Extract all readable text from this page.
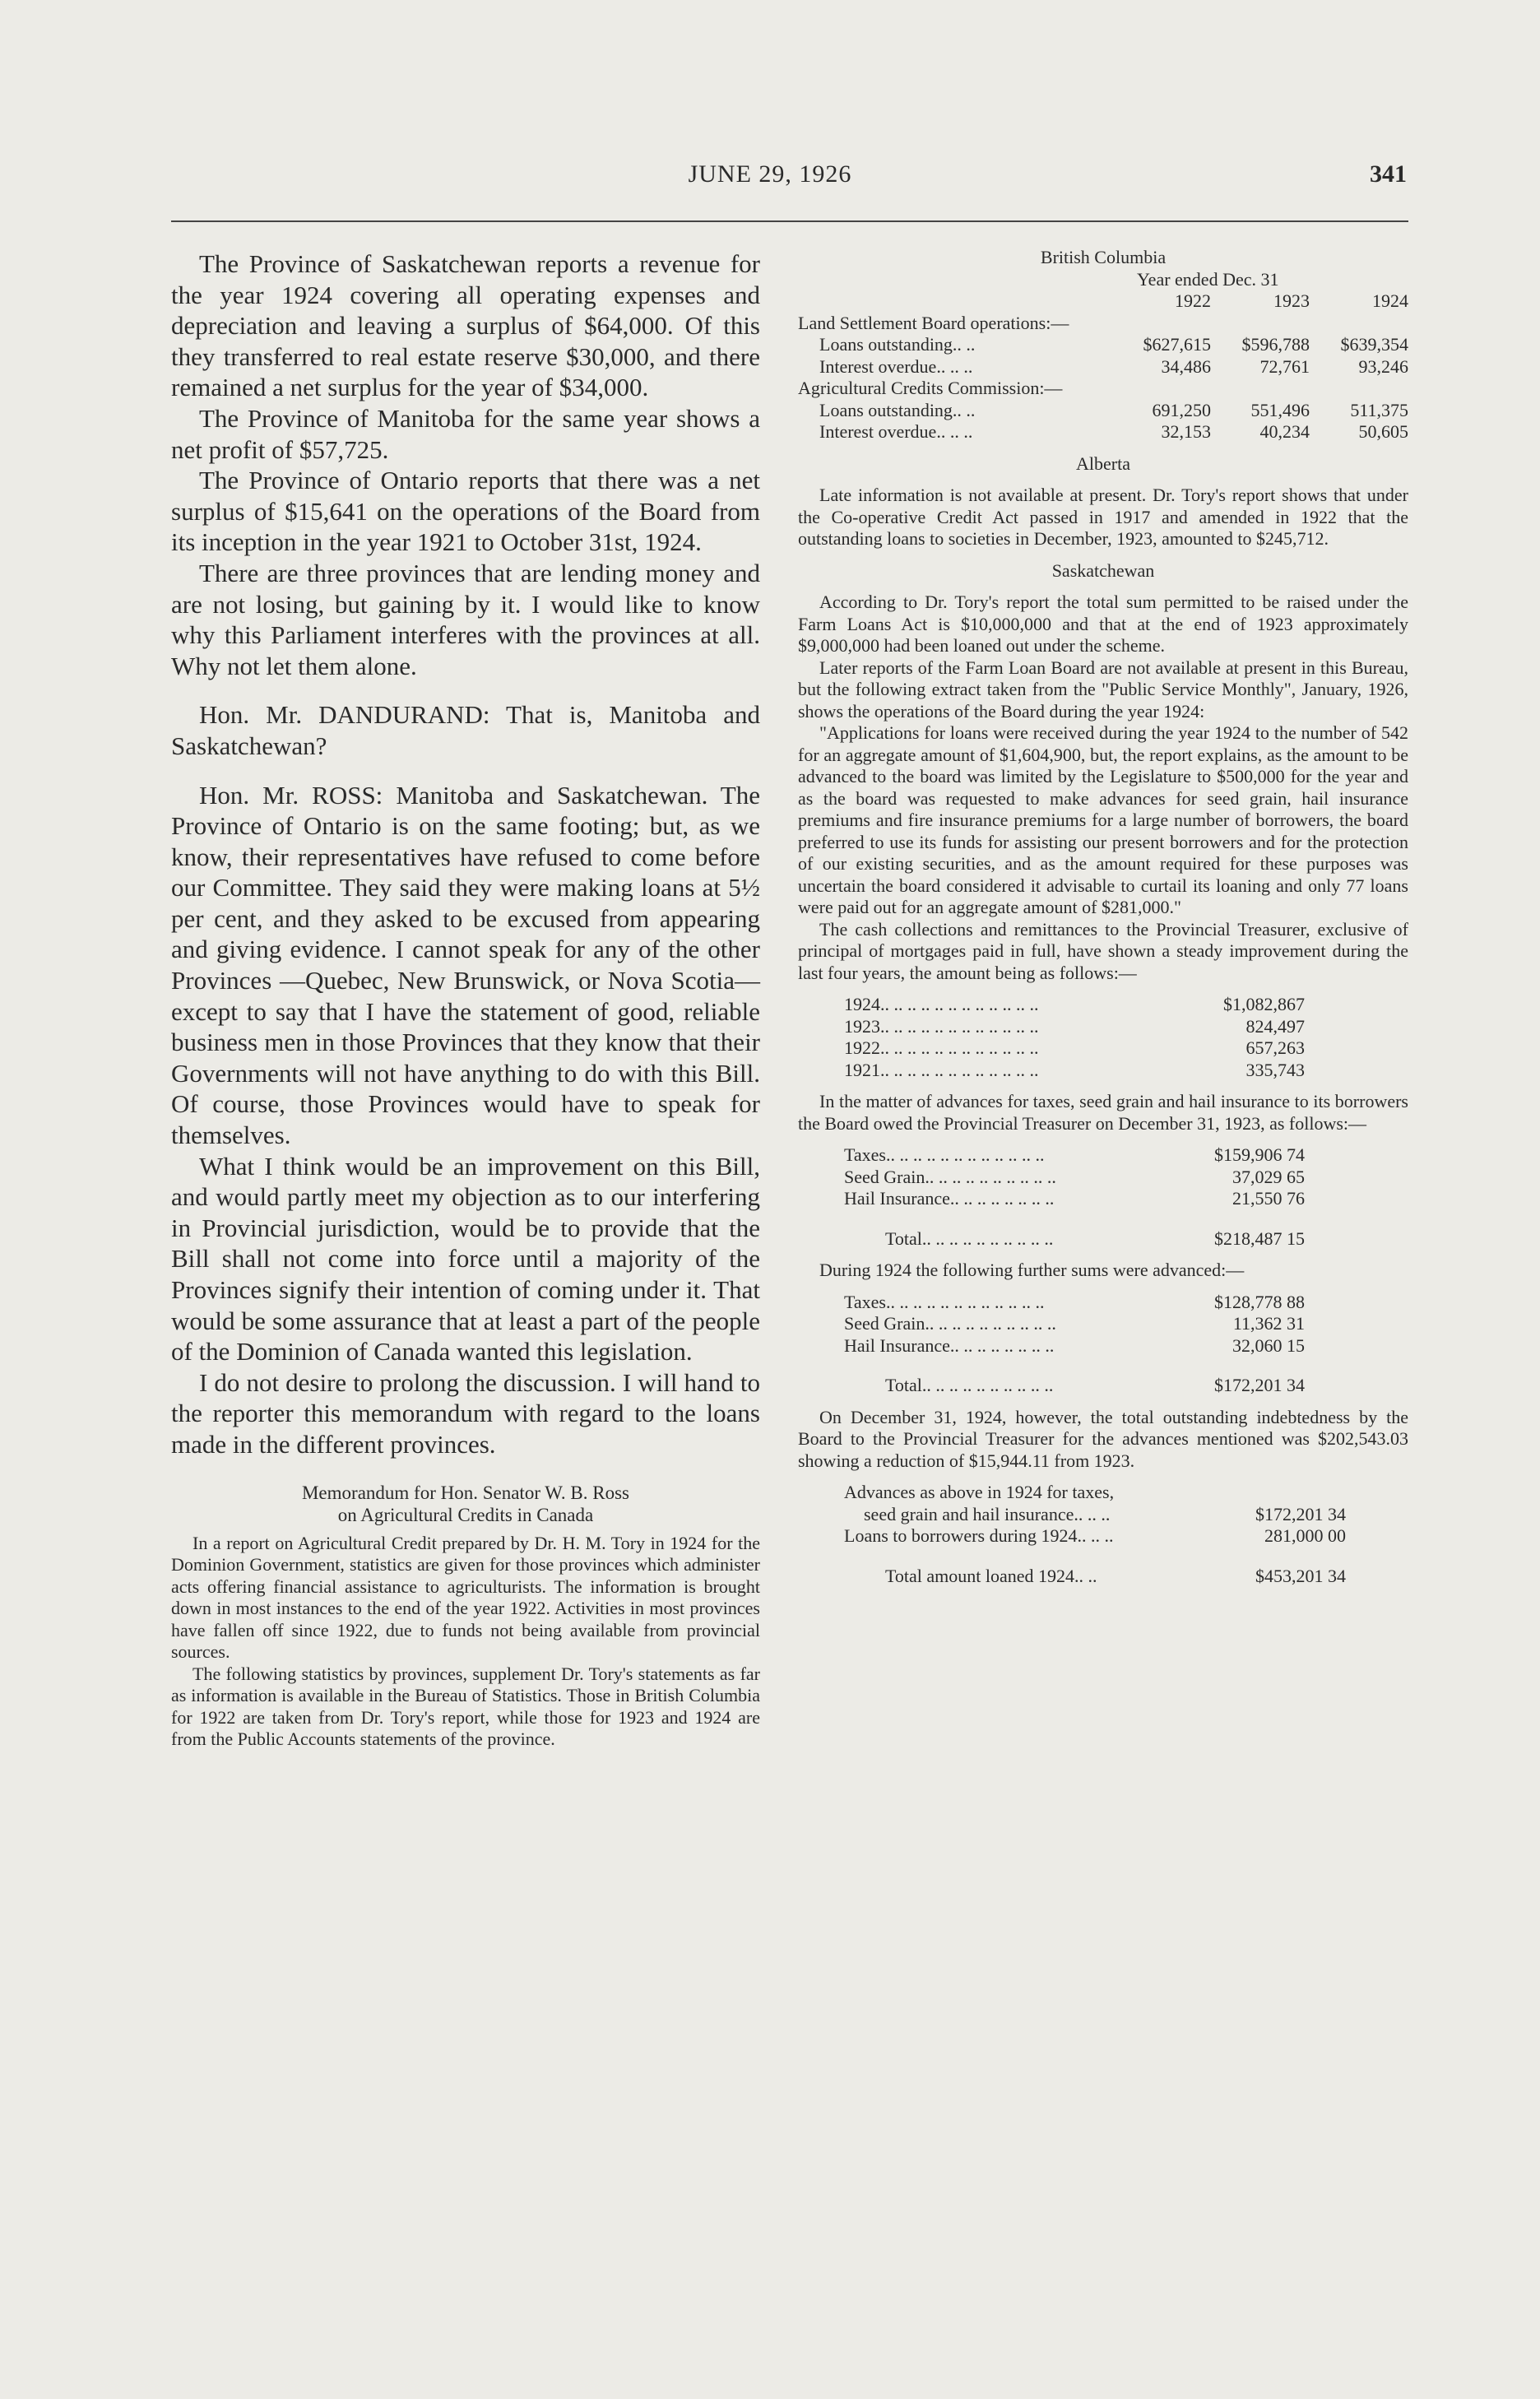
JUNE 29, 1926	341

The Province of Saskatchewan reports a revenue for the year 1924 covering all operating expenses and depreciation and leaving a surplus of $64,000. Of this they transferred to real estate reserve $30,000, and there remained a net surplus for the year of $34,000.

The Province of Manitoba for the same year shows a net profit of $57,725.

The Province of Ontario reports that there was a net surplus of $15,641 on the operations of the Board from its inception in the year 1921 to October 31st, 1924.

There are three provinces that are lending money and are not losing, but gaining by it. I would like to know why this Parliament interferes with the provinces at all. Why not let them alone.

Hon. Mr. DANDURAND: That is, Manitoba and Saskatchewan?

Hon. Mr. ROSS: Manitoba and Saskatchewan. The Province of Ontario is on the same footing; but, as we know, their representatives have refused to come before our Committee. They said they were making loans at 5½ per cent, and they asked to be excused from appearing and giving evidence. I cannot speak for any of the other Provinces —Quebec, New Brunswick, or Nova Scotia— except to say that I have the statement of good, reliable business men in those Provinces that they know that their Governments will not have anything to do with this Bill. Of course, those Provinces would have to speak for themselves.

What I think would be an improvement on this Bill, and would partly meet my objection as to our interfering in Provincial jurisdiction, would be to provide that the Bill shall not come into force until a majority of the Provinces signify their intention of coming under it. That would be some assurance that at least a part of the people of the Dominion of Canada wanted this legislation.

I do not desire to prolong the discussion. I will hand to the reporter this memorandum with regard to the loans made in the different provinces.

Memorandum for Hon. Senator W. B. Ross
on Agricultural Credits in Canada

In a report on Agricultural Credit prepared by Dr. H. M. Tory in 1924 for the Dominion Government, statistics are given for those provinces which administer acts offering financial assistance to agriculturists. The information is brought down in most instances to the end of the year 1922. Activities in most provinces have fallen off since 1922, due to funds not being available from provincial sources.

The following statistics by provinces, supplement Dr. Tory's statements as far as information is available in the Bureau of Statistics. Those in British Columbia for 1922 are taken from Dr. Tory's report, while those for 1923 and 1924 are from the Public Accounts statements of the province.

British Columbia
Year ended Dec. 31
1922	1923	1924
Land Settlement Board operations:—
Loans outstanding.. ..	$627,615	$596,788	$639,354
Interest overdue.. .. ..	34,486	72,761	93,246
Agricultural Credits Commission:—
Loans outstanding.. ..	691,250	551,496	511,375
Interest overdue.. .. ..	32,153	40,234	50,605
Alberta

Late information is not available at present. Dr. Tory's report shows that under the Co-operative Credit Act passed in 1917 and amended in 1922 that the outstanding loans to societies in December, 1923, amounted to $245,712.

Saskatchewan

According to Dr. Tory's report the total sum permitted to be raised under the Farm Loans Act is $10,000,000 and that at the end of 1923 approximately $9,000,000 had been loaned out under the scheme.

Later reports of the Farm Loan Board are not available at present in this Bureau, but the following extract taken from the "Public Service Monthly", January, 1926, shows the operations of the Board during the year 1924:

"Applications for loans were received during the year 1924 to the number of 542 for an aggregate amount of $1,604,900, but, the report explains, as the amount to be advanced to the board was limited by the Legislature to $500,000 for the year and as the board was requested to make advances for seed grain, hail insurance premiums and fire insurance premiums for a large number of borrowers, the board preferred to use its funds for assisting our present borrowers and for the protection of our existing securities, and as the amount required for these purposes was uncertain the board considered it advisable to curtail its loaning and only 77 loans were paid out for an aggregate amount of $281,000."

The cash collections and remittances to the Provincial Treasurer, exclusive of principal of mortgages paid in full, have shown a steady improvement during the last four years, the amount being as follows:—

1924.. .. .. .. .. .. .. .. .. .. .. ..	$1,082,867
1923.. .. .. .. .. .. .. .. .. .. .. ..	824,497
1922.. .. .. .. .. .. .. .. .. .. .. ..	657,263
1921.. .. .. .. .. .. .. .. .. .. .. ..	335,743

In the matter of advances for taxes, seed grain and hail insurance to its borrowers the Board owed the Provincial Treasurer on December 31, 1923, as follows:—

Taxes.. .. .. .. .. .. .. .. .. .. .. ..	$159,906 74
Seed Grain.. .. .. .. .. .. .. .. .. ..	37,029 65
Hail Insurance.. .. .. .. .. .. .. ..	21,550 76
Total.. .. .. .. .. .. .. .. .. ..	$218,487 15

During 1924 the following further sums were advanced:—

Taxes.. .. .. .. .. .. .. .. .. .. .. ..	$128,778 88
Seed Grain.. .. .. .. .. .. .. .. .. ..	11,362 31
Hail Insurance.. .. .. .. .. .. .. ..	32,060 15
Total.. .. .. .. .. .. .. .. .. ..	$172,201 34

On December 31, 1924, however, the total outstanding indebtedness by the Board to the Provincial Treasurer for the advances mentioned was $202,543.03 showing a reduction of $15,944.11 from 1923.

Advances as above in 1924 for taxes,
seed grain and hail insurance.. .. ..	$172,201 34
Loans to borrowers during 1924.. .. ..	281,000 00
Total amount loaned 1924.. ..	$453,201 34
